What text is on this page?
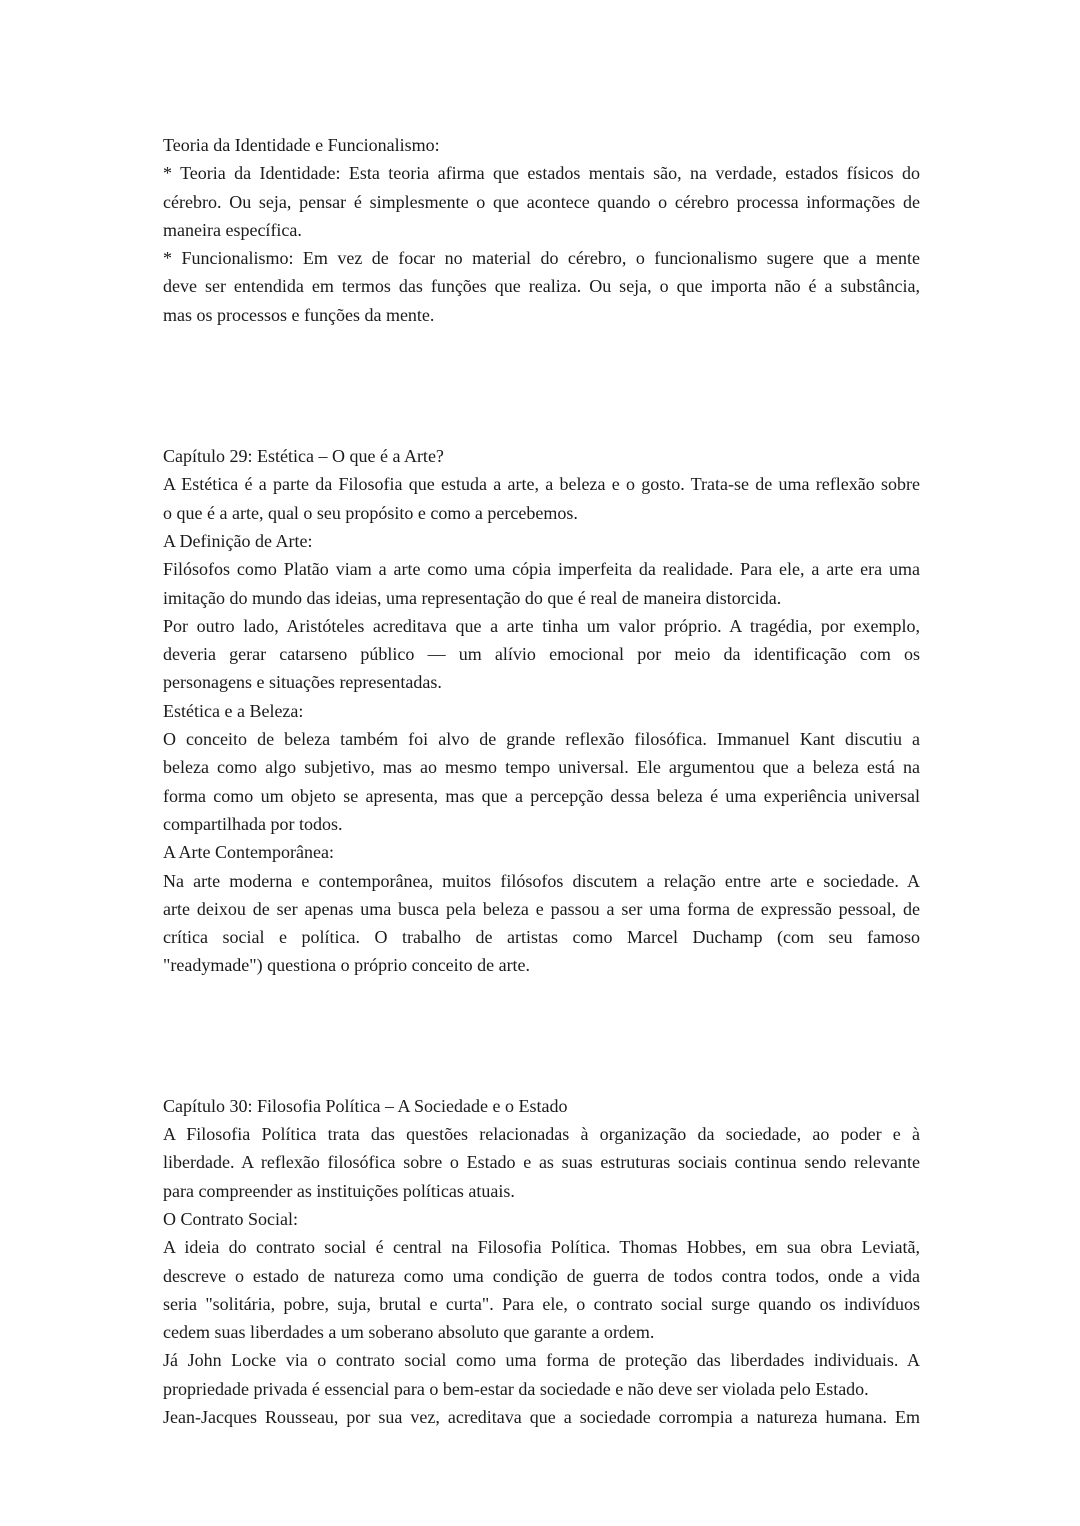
Teoria da Identidade e Funcionalismo:
* Teoria da Identidade: Esta teoria afirma que estados mentais são, na verdade, estados físicos do
cérebro. Ou seja, pensar é simplesmente o que acontece quando o cérebro processa informações de
maneira específica.
* Funcionalismo: Em vez de focar no material do cérebro, o funcionalismo sugere que a mente
deve ser entendida em termos das funções que realiza. Ou seja, o que importa não é a substância,
mas os processos e funções da mente.
Capítulo 29: Estética – O que é a Arte?
A Estética é a parte da Filosofia que estuda a arte, a beleza e o gosto. Trata-se de uma reflexão sobre
o que é a arte, qual o seu propósito e como a percebemos.
A Definição de Arte:
Filósofos como Platão viam a arte como uma cópia imperfeita da realidade. Para ele, a arte era uma
imitação do mundo das ideias, uma representação do que é real de maneira distorcida.
Por outro lado, Aristóteles acreditava que a arte tinha um valor próprio. A tragédia, por exemplo,
deveria gerar catarseno público — um alívio emocional por meio da identificação com os
personagens e situações representadas.
Estética e a Beleza:
O conceito de beleza também foi alvo de grande reflexão filosófica. Immanuel Kant discutiu a
beleza como algo subjetivo, mas ao mesmo tempo universal. Ele argumentou que a beleza está na
forma como um objeto se apresenta, mas que a percepção dessa beleza é uma experiência universal
compartilhada por todos.
A Arte Contemporânea:
Na arte moderna e contemporânea, muitos filósofos discutem a relação entre arte e sociedade. A
arte deixou de ser apenas uma busca pela beleza e passou a ser uma forma de expressão pessoal, de
crítica social e política. O trabalho de artistas como Marcel Duchamp (com seu famoso
"readymade") questiona o próprio conceito de arte.
Capítulo 30: Filosofia Política – A Sociedade e o Estado
A Filosofia Política trata das questões relacionadas à organização da sociedade, ao poder e à
liberdade. A reflexão filosófica sobre o Estado e as suas estruturas sociais continua sendo relevante
para compreender as instituições políticas atuais.
O Contrato Social:
A ideia do contrato social é central na Filosofia Política. Thomas Hobbes, em sua obra Leviatã,
descreve o estado de natureza como uma condição de guerra de todos contra todos, onde a vida
seria "solitária, pobre, suja, brutal e curta". Para ele, o contrato social surge quando os indivíduos
cedem suas liberdades a um soberano absoluto que garante a ordem.
Já John Locke via o contrato social como uma forma de proteção das liberdades individuais. A
propriedade privada é essencial para o bem-estar da sociedade e não deve ser violada pelo Estado.
Jean-Jacques Rousseau, por sua vez, acreditava que a sociedade corrompia a natureza humana. Em
